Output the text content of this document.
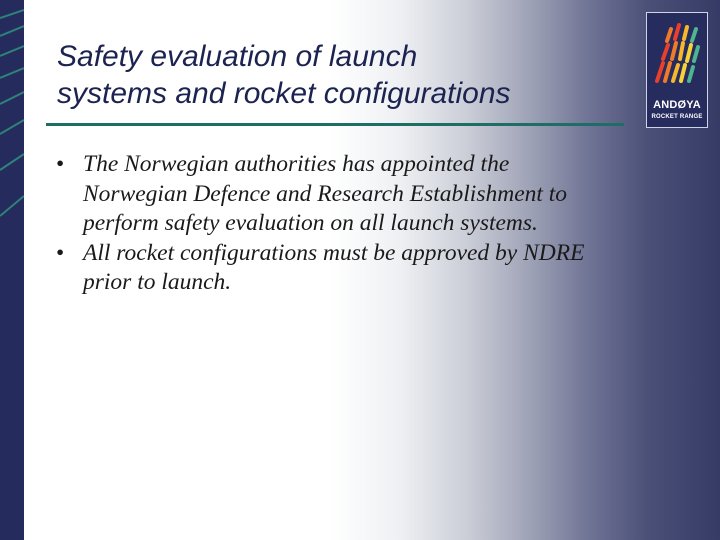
Safety evaluation of launch
systems and rocket configurations	ANDØYA
ROCKET RANGE
• The Norwegian authorities has appointed the
Norwegian Defence and Research Establishment to
perform safety evaluation on all launch systems.
• All rocket configurations must be approved by NDRE
prior to launch.
